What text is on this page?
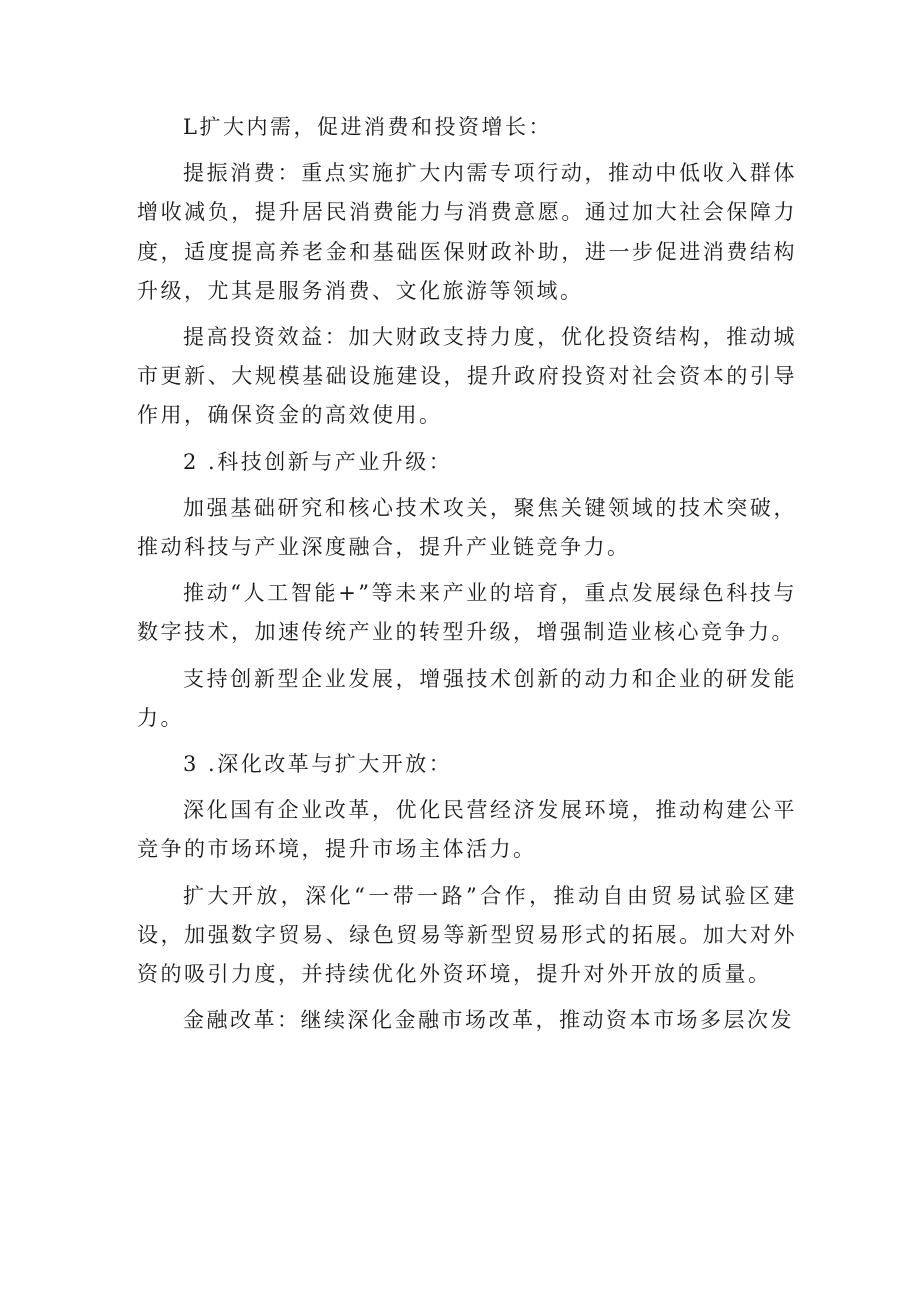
L扩大内需，促进消费和投资增长：

提振消费：重点实施扩大内需专项行动，推动中低收入群体增收减负，提升居民消费能力与消费意愿。通过加大社会保障力度，适度提高养老金和基础医保财政补助，进一步促进消费结构升级，尤其是服务消费、文化旅游等领域。

提高投资效益：加大财政支持力度，优化投资结构，推动城市更新、大规模基础设施建设，提升政府投资对社会资本的引导作用，确保资金的高效使用。

2 .科技创新与产业升级：

加强基础研究和核心技术攻关，聚焦关键领域的技术突破，推动科技与产业深度融合，提升产业链竞争力。

推动“人工智能+”等未来产业的培育，重点发展绿色科技与数字技术，加速传统产业的转型升级，增强制造业核心竞争力。

支持创新型企业发展，增强技术创新的动力和企业的研发能力。

3 .深化改革与扩大开放：

深化国有企业改革，优化民营经济发展环境，推动构建公平竞争的市场环境，提升市场主体活力。

扩大开放，深化“一带一路”合作，推动自由贸易试验区建设，加强数字贸易、绿色贸易等新型贸易形式的拓展。加大对外资的吸引力度，并持续优化外资环境，提升对外开放的质量。

金融改革：继续深化金融市场改革，推动资本市场多层次发
